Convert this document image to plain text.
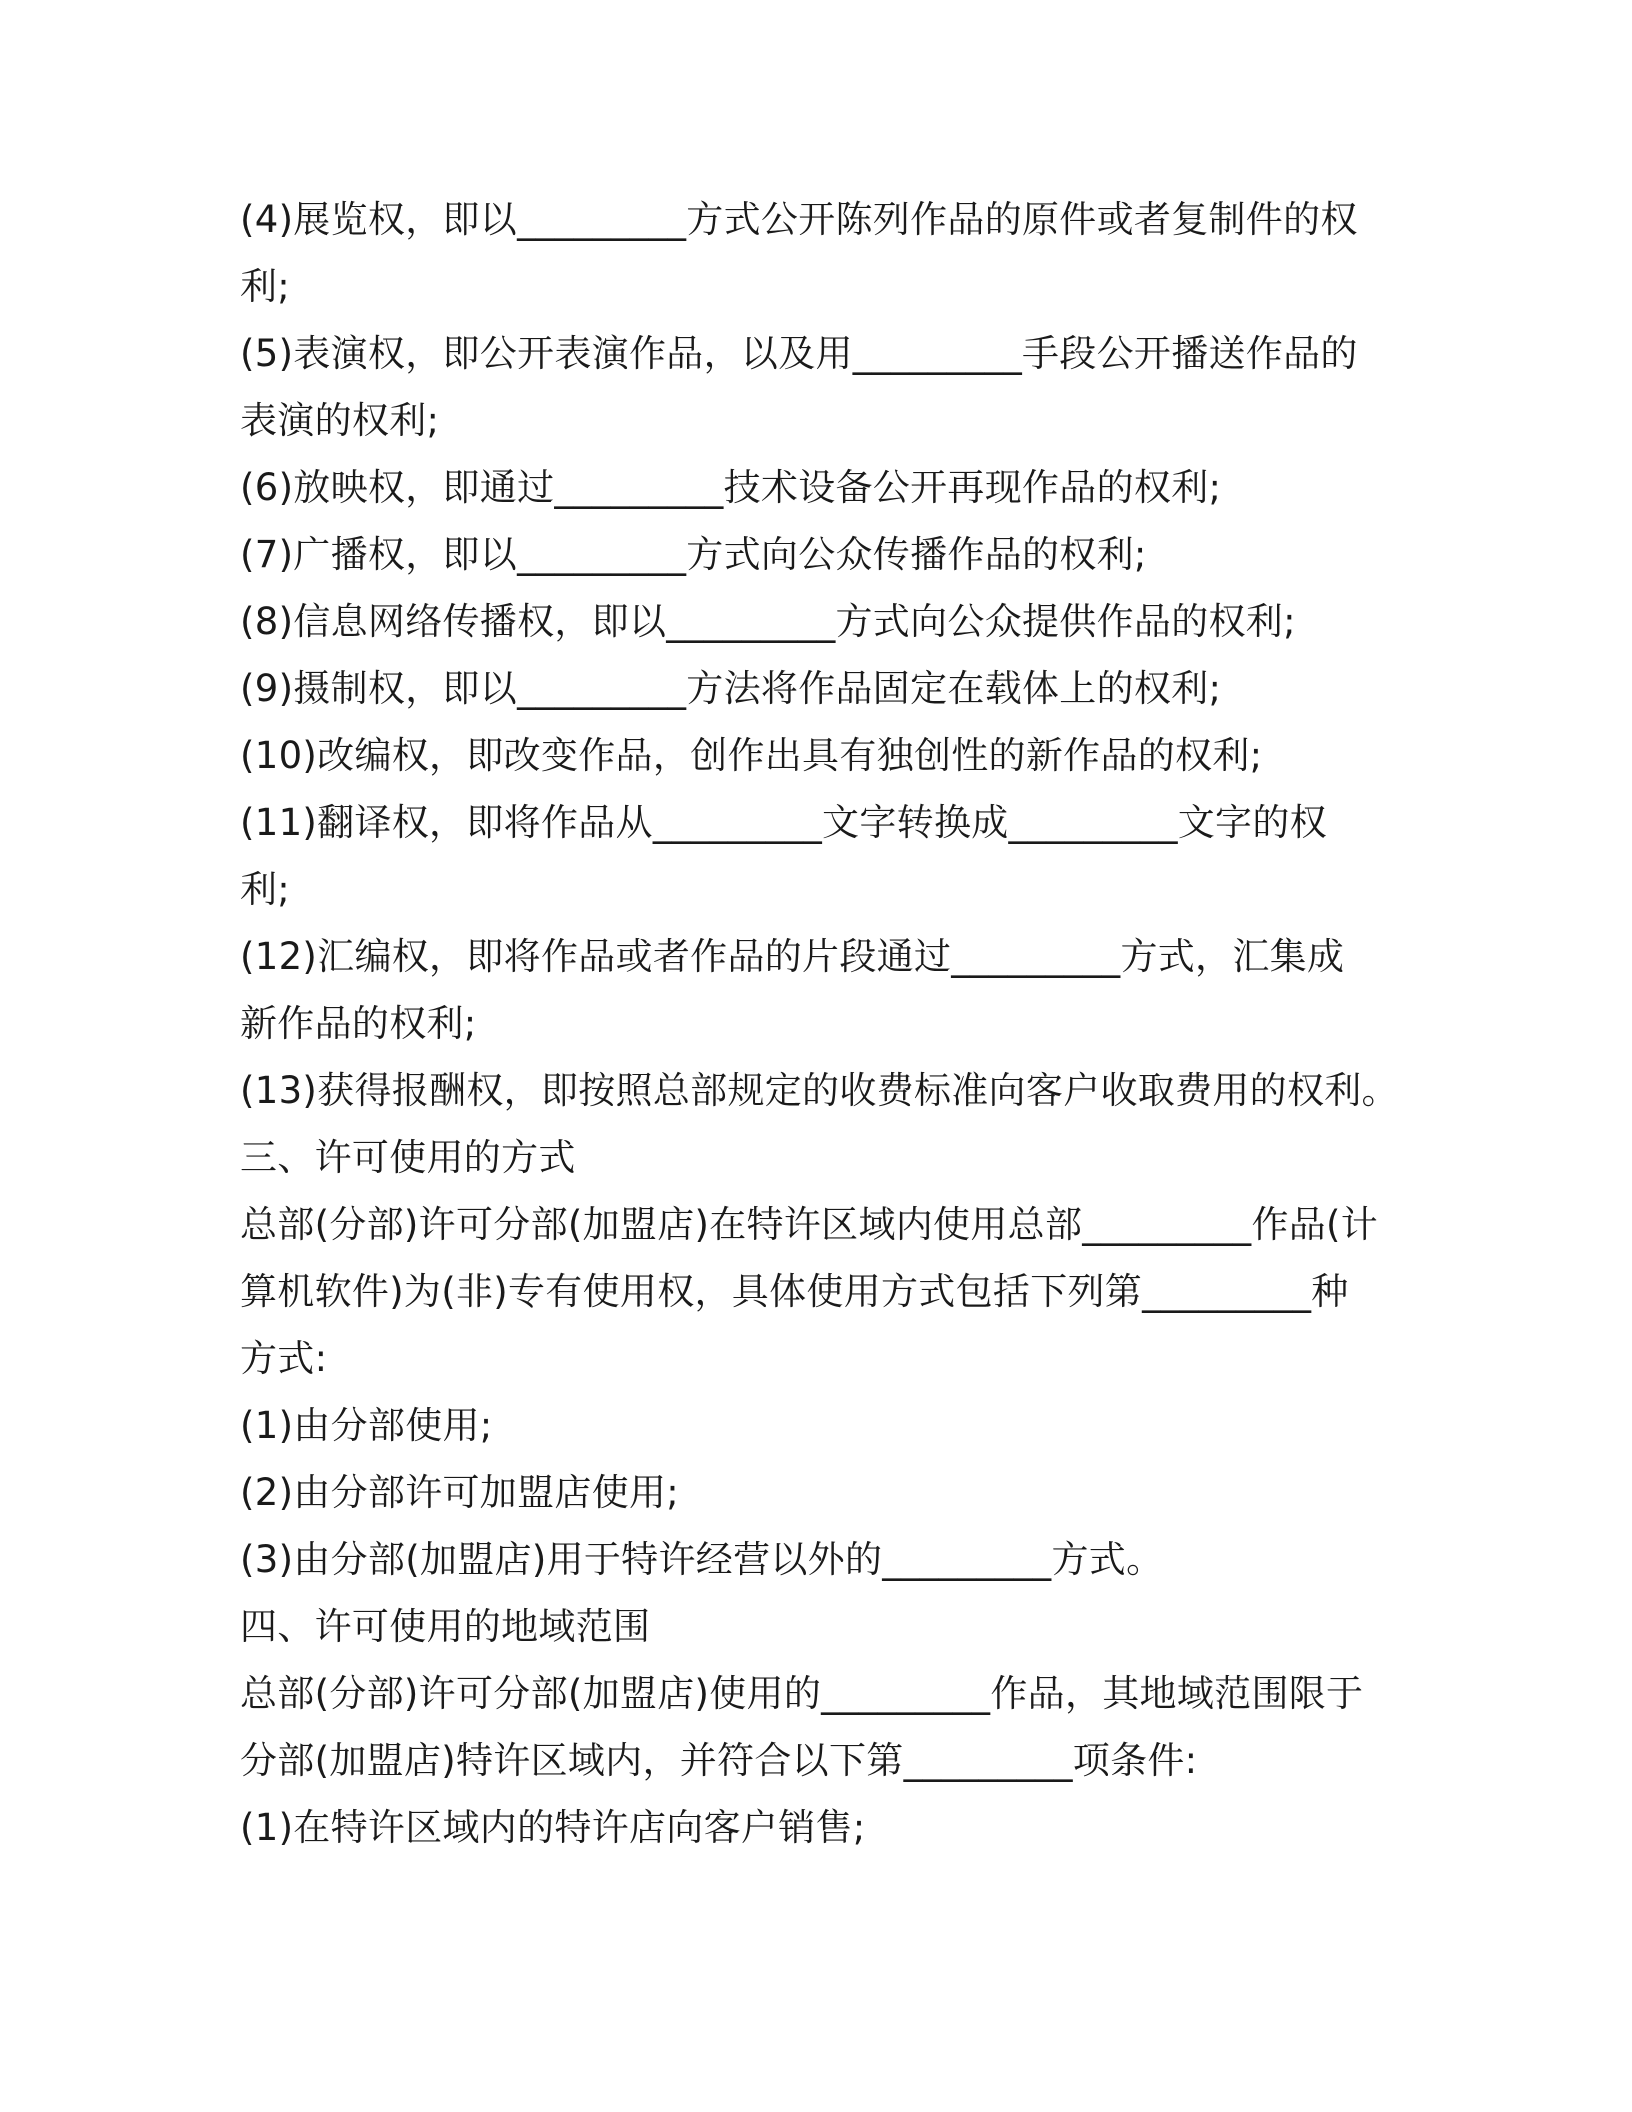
(4)展览权，即以_________方式公开陈列作品的原件或者复制件的权
利;
(5)表演权，即公开表演作品，以及用_________手段公开播送作品的
表演的权利;
(6)放映权，即通过_________技术设备公开再现作品的权利;
(7)广播权，即以_________方式向公众传播作品的权利;
(8)信息网络传播权，即以_________方式向公众提供作品的权利;
(9)摄制权，即以_________方法将作品固定在载体上的权利;
(10)改编权，即改变作品，创作出具有独创性的新作品的权利;
(11)翻译权，即将作品从_________文字转换成_________文字的权
利;
(12)汇编权，即将作品或者作品的片段通过_________方式，汇集成
新作品的权利;
(13)获得报酬权，即按照总部规定的收费标准向客户收取费用的权利。
三、许可使用的方式
总部(分部)许可分部(加盟店)在特许区域内使用总部_________作品(计
算机软件)为(非)专有使用权，具体使用方式包括下列第_________种
方式:
(1)由分部使用;
(2)由分部许可加盟店使用;
(3)由分部(加盟店)用于特许经营以外的_________方式。
四、许可使用的地域范围
总部(分部)许可分部(加盟店)使用的_________作品，其地域范围限于
分部(加盟店)特许区域内，并符合以下第_________项条件:
(1)在特许区域内的特许店向客户销售;
